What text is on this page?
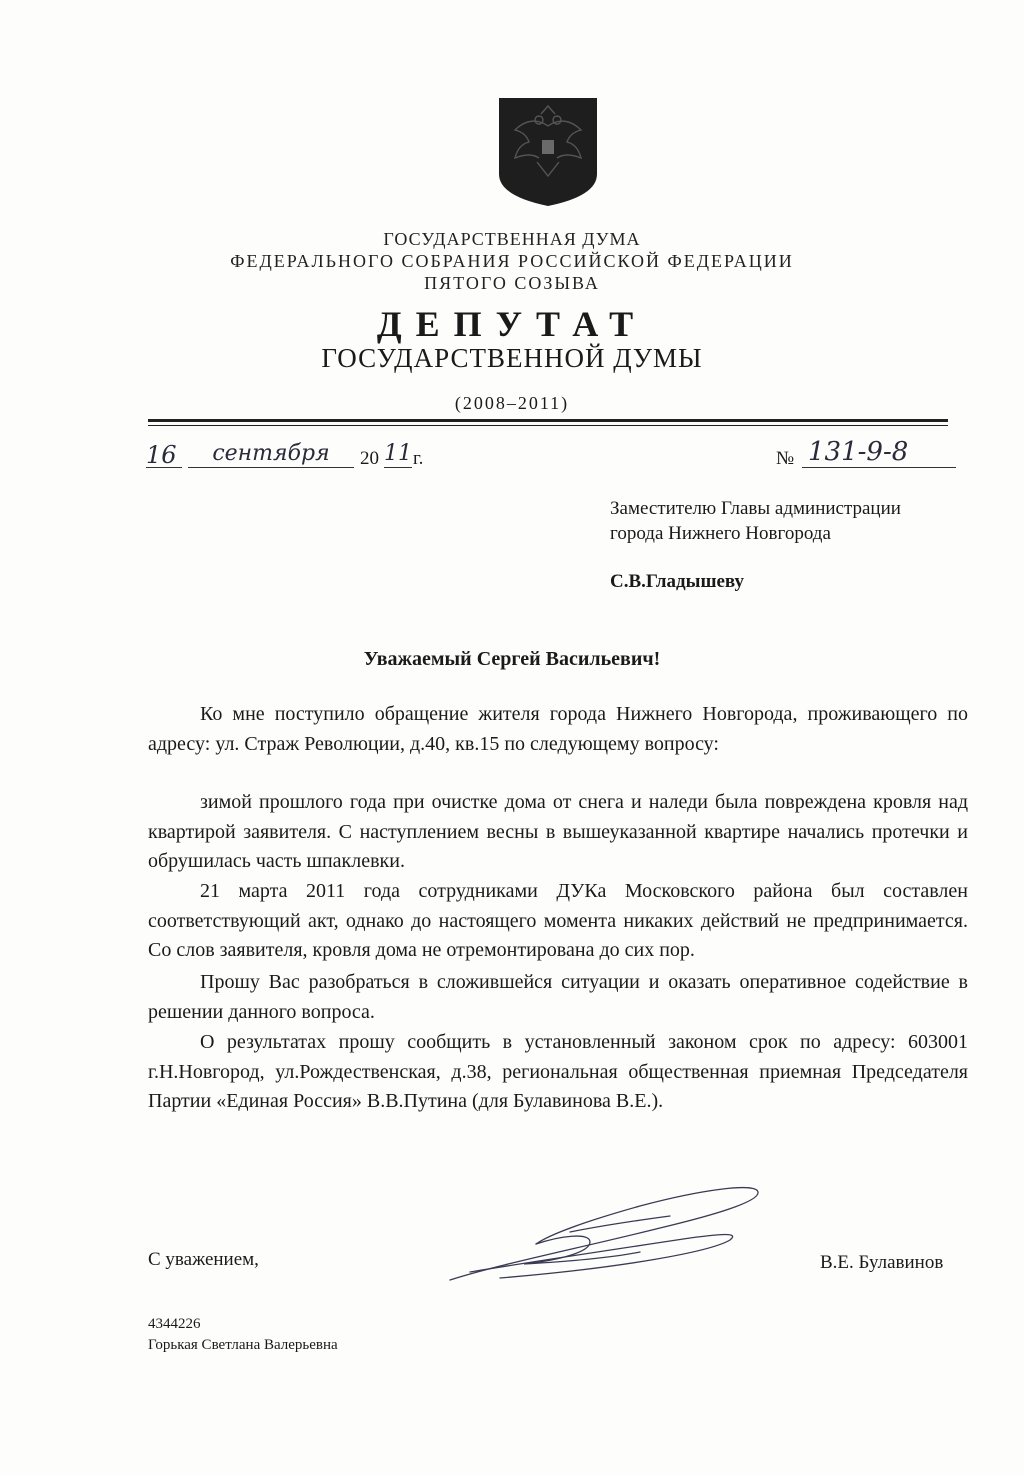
ГОСУДАРСТВЕННАЯ ДУМА
ФЕДЕРАЛЬНОГО СОБРАНИЯ РОССИЙСКОЙ ФЕДЕРАЦИИ
ПЯТОГО СОЗЫВА
ДЕПУТАТ
ГОСУДАРСТВЕННОЙ ДУМЫ
(2008–2011)
16	сентября	20 11 г.	№ 131-9-8
Заместителю Главы администрации
города Нижнего Новгорода
С.В.Гладышеву
Уважаемый Сергей Васильевич!
Ко мне поступило обращение жителя города Нижнего Новгорода, проживающего по адресу: ул. Страж Революции, д.40, кв.15 по следующему вопросу:
зимой прошлого года при очистке дома от снега и наледи была повреждена кровля над квартирой заявителя. С наступлением весны в вышеуказанной квартире начались протечки и обрушилась часть шпаклевки.
21 марта 2011 года сотрудниками ДУКа Московского района был составлен соответствующий акт, однако до настоящего момента никаких действий не предпринимается. Со слов заявителя, кровля дома не отремонтирована до сих пор.
Прошу Вас разобраться в сложившейся ситуации и оказать оперативное содействие в решении данного вопроса.
О результатах прошу сообщить в установленный законом срок по адресу: 603001 г.Н.Новгород, ул.Рождественская, д.38, региональная общественная приемная Председателя Партии «Единая Россия» В.В.Путина (для Булавинова В.Е.).
С уважением,	В.Е. Булавинов
4344226
Горькая Светлана Валерьевна
